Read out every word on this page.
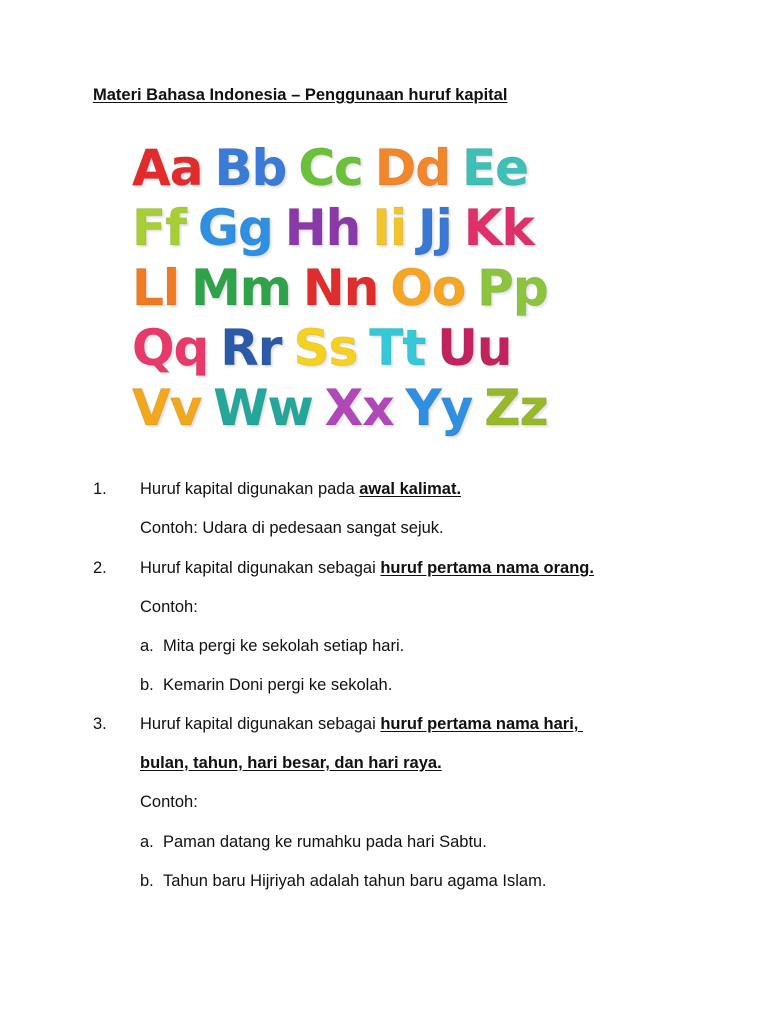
Materi Bahasa Indonesia – Penggunaan huruf kapital
Aa Bb Cc Dd Ee
Ff Gg Hh Ii Jj Kk
Ll Mm Nn Oo Pp
Qq Rr Ss Tt Uu
Vv Ww Xx Yy Zz
1. Huruf kapital digunakan pada awal kalimat.
Contoh: Udara di pedesaan sangat sejuk.
2. Huruf kapital digunakan sebagai huruf pertama nama orang.
Contoh:
a. Mita pergi ke sekolah setiap hari.
b. Kemarin Doni pergi ke sekolah.
3. Huruf kapital digunakan sebagai huruf pertama nama hari,
bulan, tahun, hari besar, dan hari raya.
Contoh:
a. Paman datang ke rumahku pada hari Sabtu.
b. Tahun baru Hijriyah adalah tahun baru agama Islam.
